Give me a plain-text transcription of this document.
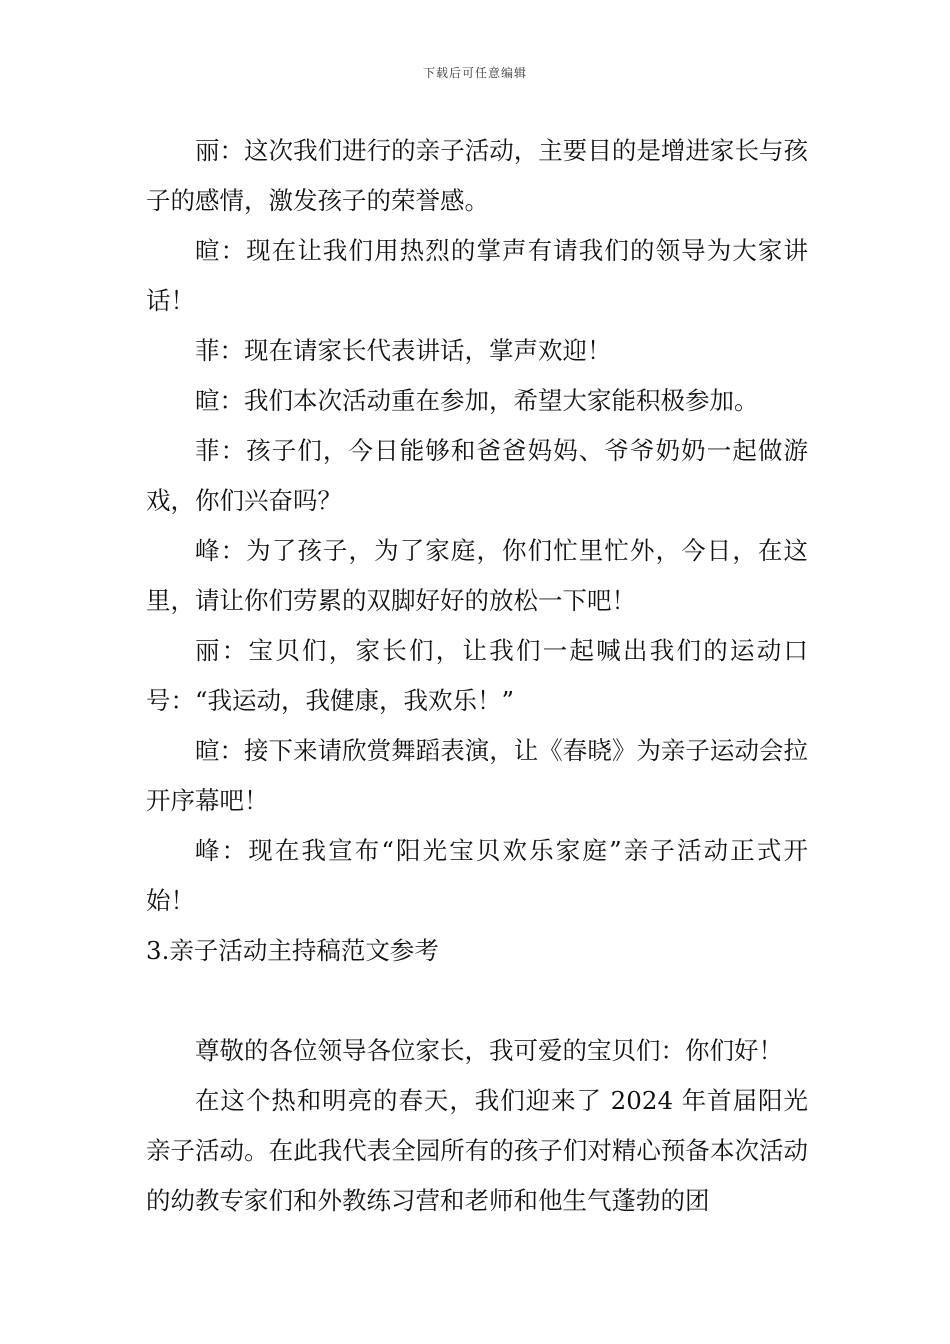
下载后可任意编辑

丽：这次我们进行的亲子活动，主要目的是增进家长与孩子的感情，激发孩子的荣誉感。

暄：现在让我们用热烈的掌声有请我们的领导为大家讲话！

菲：现在请家长代表讲话，掌声欢迎！

暄：我们本次活动重在参加，希望大家能积极参加。

菲：孩子们，今日能够和爸爸妈妈、爷爷奶奶一起做游戏，你们兴奋吗？

峰：为了孩子，为了家庭，你们忙里忙外，今日，在这里，请让你们劳累的双脚好好的放松一下吧！

丽：宝贝们，家长们，让我们一起喊出我们的运动口号：“我运动，我健康，我欢乐！”

暄：接下来请欣赏舞蹈表演，让《春晓》为亲子运动会拉开序幕吧！

峰：现在我宣布“阳光宝贝欢乐家庭”亲子活动正式开始！

3.亲子活动主持稿范文参考

尊敬的各位领导各位家长，我可爱的宝贝们：你们好！

在这个热和明亮的春天，我们迎来了 2024 年首届阳光亲子活动。在此我代表全园所有的孩子们对精心预备本次活动的幼教专家们和外教练习营和老师和他生气蓬勃的团
